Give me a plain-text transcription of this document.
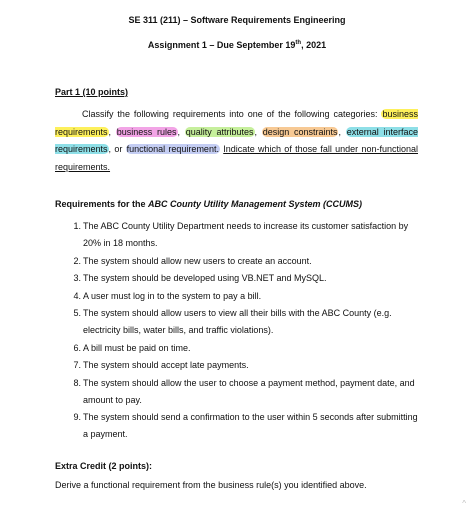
SE 311 (211) – Software Requirements Engineering
Assignment 1 – Due September 19th, 2021
Part 1 (10 points)
Classify the following requirements into one of the following categories: business requirements, business rules, quality attributes, design constraints, external interface requirements, or functional requirement. Indicate which of those fall under non-functional requirements.
Requirements for the ABC County Utility Management System (CCUMS)
1. The ABC County Utility Department needs to increase its customer satisfaction by 20% in 18 months.
2. The system should allow new users to create an account.
3. The system should be developed using VB.NET and MySQL.
4. A user must log in to the system to pay a bill.
5. The system should allow users to view all their bills with the ABC County (e.g. electricity bills, water bills, and traffic violations).
6. A bill must be paid on time.
7. The system should accept late payments.
8. The system should allow the user to choose a payment method, payment date, and amount to pay.
9. The system should send a confirmation to the user within 5 seconds after submitting a payment.
Extra Credit (2 points):
Derive a functional requirement from the business rule(s) you identified above.
^
